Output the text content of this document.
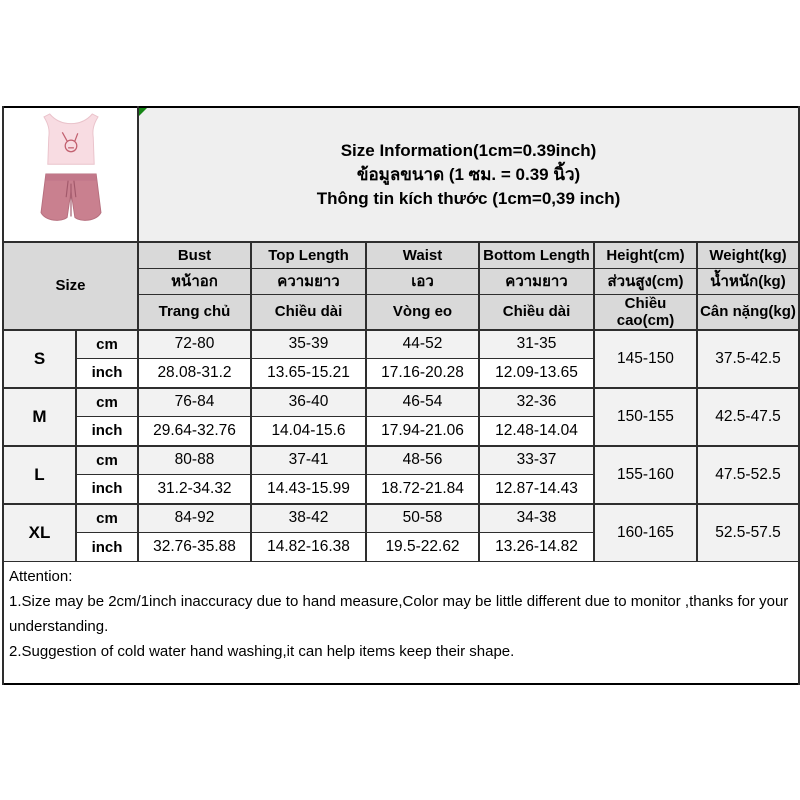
Size Information(1cm=0.39inch)
ข้อมูลขนาด (1 ซม. = 0.39 นิ้ว)
Thông tin kích thước (1cm=0,39 inch)					

Size		Bust	Top Length	Waist	Bottom Length	Height(cm)	Weight(kg)
		หน้าอก	ความยาว	เอว	ความยาว	ส่วนสูง(cm)	น้ำหนัก(kg)
		Trang chủ	Chiều dài	Vòng eo	Chiều dài	Chiều cao(cm)	Cân nặng(kg)
S	cm	72-80	35-39	44-52	31-35	145-150	37.5-42.5
	inch	28.08-31.2	13.65-15.21	17.16-20.28	12.09-13.65		
M	cm	76-84	36-40	46-54	32-36	150-155	42.5-47.5
	inch	29.64-32.76	14.04-15.6	17.94-21.06	12.48-14.04		
L	cm	80-88	37-41	48-56	33-37	155-160	47.5-52.5
	inch	31.2-34.32	14.43-15.99	18.72-21.84	12.87-14.43		
XL	cm	84-92	38-42	50-58	34-38	160-165	52.5-57.5
	inch	32.76-35.88	14.82-16.38	19.5-22.62	13.26-14.82		

Attention:
1.Size may be 2cm/1inch inaccuracy due to hand measure,Color may be little different due to monitor ,thanks for your understanding.
2.Suggestion of cold water hand washing,it can help items keep their shape.							
